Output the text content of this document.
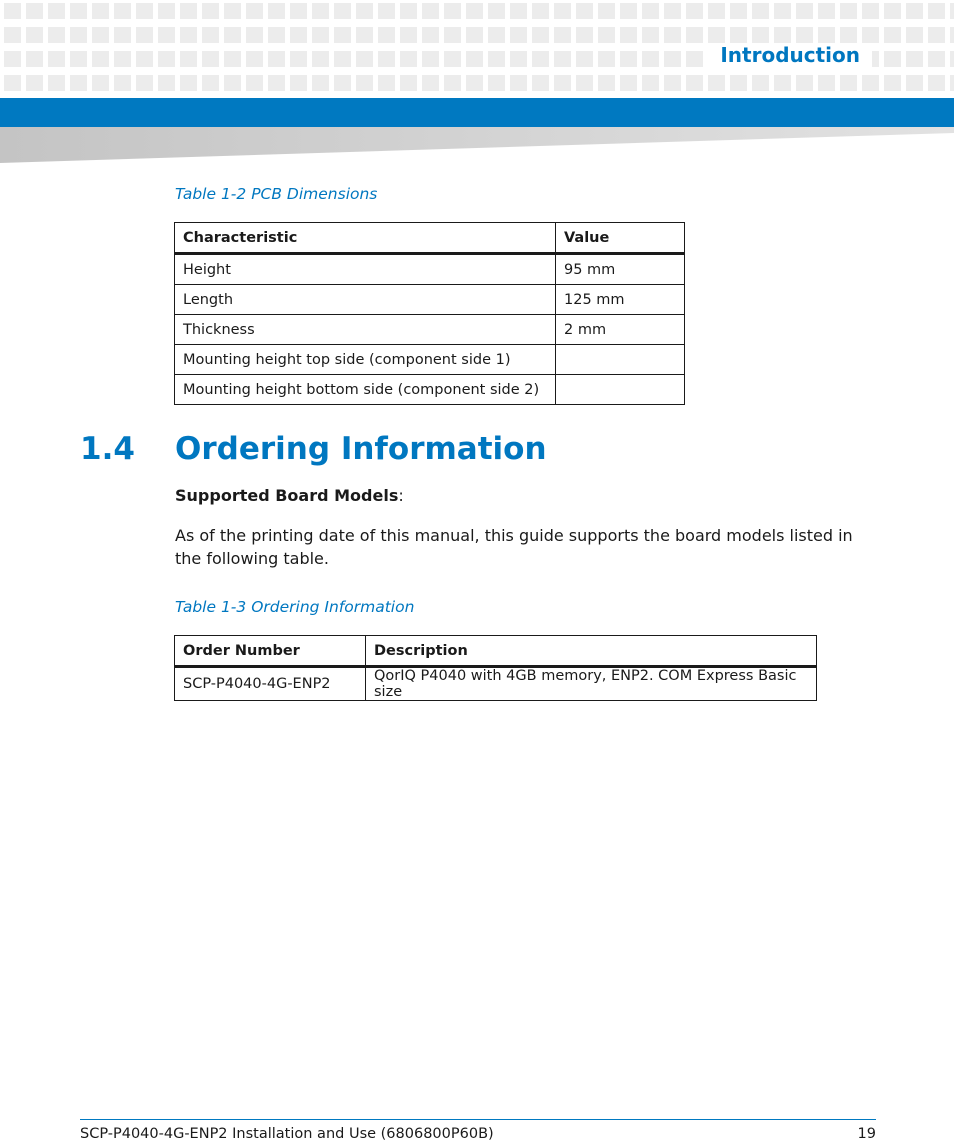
Introduction

Table 1-2 PCB Dimensions

Characteristic	Value
Height	95 mm
Length	125 mm
Thickness	2 mm
Mounting height top side (component side 1)	
Mounting height bottom side (component side 2)	
1.4 Ordering Information

Supported Board Models:

As of the printing date of this manual, this guide supports the board models listed in the following table.

Table 1-3 Ordering Information

Order Number	Description
SCP-P4040-4G-ENP2	QorIQ P4040 with 4GB memory, ENP2. COM Express Basic size

SCP-P4040-4G-ENP2 Installation and Use (6806800P60B)	19
